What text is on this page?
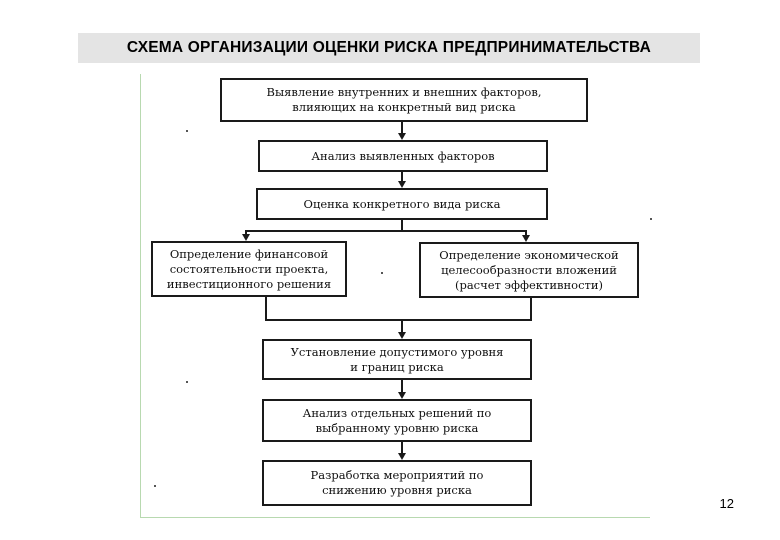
СХЕМА ОРГАНИЗАЦИИ ОЦЕНКИ РИСКА ПРЕДПРИНИМАТЕЛЬСТВА
Выявление внутренних и внешних факторов, влияющих на конкретный вид риска
Анализ выявленных факторов
Оценка конкретного вида риска
Определение финансовой состоятельности проекта, инвестиционного решения
Определение экономической целесообразности вложений (расчет эффективности)
Установление допустимого уровня и границ риска
Анализ отдельных решений по выбранному уровню риска
Разработка мероприятий по снижению уровня риска
12
